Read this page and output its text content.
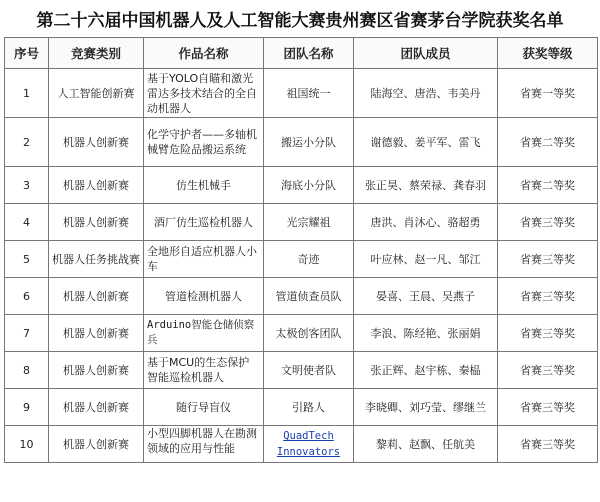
第二十六届中国机器人及人工智能大赛贵州赛区省赛茅台学院获奖名单
序号	竞赛类别	作品名称	团队名称	团队成员	获奖等级
1	人工智能创新赛	基于YOLO自瞄和激光雷达多技术结合的全自动机器人	祖国统一	陆海空、唐浩、韦美丹	省赛一等奖
2	机器人创新赛	化学守护者——多轴机械臂危险品搬运系统	搬运小分队	谢德毅、姜平军、雷飞	省赛二等奖
3	机器人创新赛	仿生机械手	海底小分队	张正昊、蔡荣禄、龚春羽	省赛二等奖
4	机器人创新赛	酒厂仿生巡检机器人	光宗耀祖	唐洪、肖沐心、骆超勇	省赛三等奖
5	机器人任务挑战赛	全地形自适应机器人小车	奇迹	叶应林、赵一凡、邹江	省赛三等奖
6	机器人创新赛	管道检测机器人	管道侦查员队	晏喜、王晨、吴燕子	省赛三等奖
7	机器人创新赛	Arduino智能仓储侦察兵	太极创客团队	李浪、陈经艳、张丽娟	省赛三等奖
8	机器人创新赛	基于MCU的生态保护智能巡检机器人	文明使者队	张正辉、赵宇栋、秦榀	省赛三等奖
9	机器人创新赛	随行导盲仪	引路人	李晓卿、刘巧莹、缪继兰	省赛三等奖
10	机器人创新赛	小型四脚机器人在勘测领域的应用与性能	QuadTech Innovators	黎莉、赵飘、任航美	省赛三等奖
